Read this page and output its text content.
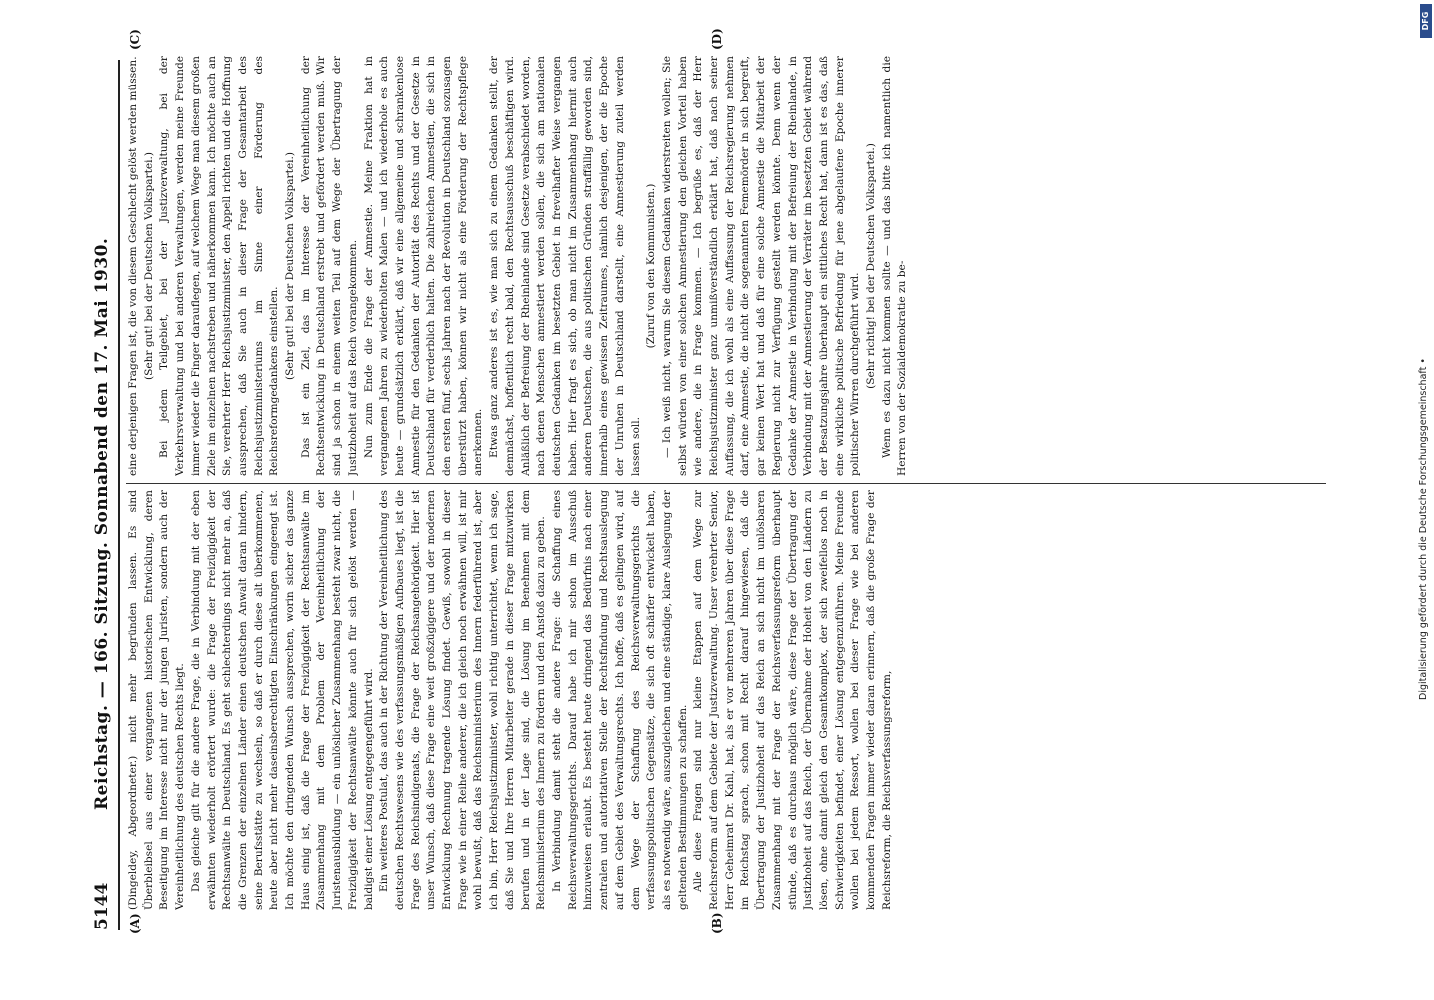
5144
Reichstag. — 166. Sitzung. Sonnabend den 17. Mai 1930.
(A)	(B)
(C)	(D)

(Dingeldey, Abgeordneter.) nicht mehr begründen lassen. Es sind Überbleibsel aus einer vergangenen historischen Entwicklung, deren Beseitigung im Interesse nicht nur der jungen Juristen, sondern auch der Vereinheitlichung des deutschen Rechts liegt. Das gleiche gilt für die andere Frage, die in Verbindung mit der eben erwähnten wiederholt erörtert wurde: die Frage der Freizügigkeit der Rechtsanwälte in Deutschland. Es geht schlechterdings nicht mehr an, daß die Grenzen der einzelnen Länder einen deutschen Anwalt daran hindern, seine Berufsstätte zu wechseln, so daß er durch diese alt überkommenen, heute aber nicht mehr daseinsberechtigten Einschränkungen eingeengt ist. Ich möchte den dringenden Wunsch aussprechen, worin sicher das ganze Haus einig ist, daß die Frage der Freizügigkeit der Rechtsanwälte im Zusammenhang mit dem Problem der Vereinheitlichung der Juristenausbildung — ein unlöslicher Zusammenhang besteht zwar nicht, die Freizügigkeit der Rechtsanwälte könnte auch für sich gelöst werden — baldigst einer Lösung entgegengeführt wird. Ein weiteres Postulat, das auch in der Richtung der Vereinheitlichung des deutschen Rechtswesens wie des verfassungsmäßigen Aufbaues liegt, ist die Frage des Reichsindigenats, die Frage der Reichsangehörigkeit. Hier ist unser Wunsch, daß diese Frage eine weit großzügigere und der modernen Entwicklung Rechnung tragende Lösung findet. Gewiß, sowohl in dieser Frage wie in einer Reihe anderer, die ich gleich noch erwähnen will, ist mir wohl bewußt, daß das Reichsministerium des Innern federführend ist, aber ich bin, Herr Reichsjustizminister, wohl richtig unterrichtet, wenn ich sage, daß Sie und Ihre Herren Mitarbeiter gerade in dieser Frage mitzuwirken berufen und in der Lage sind, die Lösung im Benehmen mit dem Reichsministerium des Innern zu fördern und den Anstoß dazu zu geben. In Verbindung damit steht die andere Frage: die Schaffung eines Reichsverwaltungsgerichts. Darauf habe ich mir schon im Ausschuß hinzuweisen erlaubt. Es besteht heute dringend das Bedürfnis nach einer zentralen und autoritativen Stelle der Rechtsfindung und Rechtsauslegung auf dem Gebiet des Verwaltungsrechts. Ich hoffe, daß es gelingen wird, auf dem Wege der Schaffung des Reichsverwaltungsgerichts die verfassungspolitischen Gegensätze, die sich oft schärfer entwickelt haben, als es notwendig wäre, auszugleichen und eine ständige, klare Auslegung der geltenden Bestimmungen zu schaffen. Alle diese Fragen sind nur kleine Etappen auf dem Wege zur Reichsreform auf dem Gebiete der Justizverwaltung. Unser verehrter Senior, Herr Geheimrat Dr. Kahl, hat, als er vor mehreren Jahren über diese Frage im Reichstag sprach, schon mit Recht darauf hingewiesen, daß die Übertragung der Justizhoheit auf das Reich an sich nicht im unlösbaren Zusammenhang mit der Frage der Reichsverfassungsreform überhaupt stünde, daß es durchaus möglich wäre, diese Frage der Übertragung der Justizhoheit auf das Reich, der Übernahme der Hoheit von den Ländern zu lösen, ohne damit gleich den Gesamtkomplex, der sich zweifellos noch in Schwierigkeiten befindet, einer Lösung entgegenzuführen. Meine Freunde wollen bei jedem Ressort, wollen bei dieser Frage wie bei anderen kommenden Fragen immer wieder daran erinnern, daß die große Frage der Reichsreform, die Reichsverfassungsreform,

eine derjenigen Fragen ist, die von diesem Geschlecht gelöst werden müssen. (Sehr gut! bei der Deutschen Volkspartei.) Bei jedem Teilgebiet, bei der Justizverwaltung, bei der Verkehrsverwaltung und bei anderen Verwaltungen, werden meine Freunde immer wieder die Finger darauflegen, auf welchem Wege man diesem großen Ziele im einzelnen nachstreben und näherkommen kann. Ich möchte auch an Sie, verehrter Herr Reichsjustizminister, den Appell richten und die Hoffnung aussprechen, daß Sie auch in dieser Frage der Gesamtarbeit des Reichsjustizministeriums im Sinne einer Förderung des Reichsreformgedankens einstellen.

(Sehr gut! bei der Deutschen Volkspartei.) Das ist ein Ziel, das im Interesse der Vereinheitlichung der Rechtsentwicklung in Deutschland erstrebt und gefördert werden muß. Wir sind ja schon in einem weiten Teil auf dem Wege der Übertragung der Justizhoheit auf das Reich vorangekommen. Nun zum Ende die Frage der Amnestie. Meine Fraktion hat in vergangenen Jahren zu wiederholten Malen — und ich wiederhole es auch heute — grundsätzlich erklärt, daß wir eine allgemeine und schrankenlose Amnestie für den Gedanken der Autorität des Rechts und der Gesetze in Deutschland für verderblich halten. Die zahlreichen Amnestien, die sich in den ersten fünf, sechs Jahren nach der Revolution in Deutschland sozusagen überstürzt haben, können wir nicht als eine Förderung der Rechtspflege anerkennen. Etwas ganz anderes ist es, wie man sich zu einem Gedanken stellt, der demnächst, hoffentlich recht bald, den Rechtsausschuß beschäftigen wird. Anläßlich der Befreiung der Rheinlande sind Gesetze verabschiedet worden, nach denen Menschen amnestiert werden sollen, die sich am nationalen deutschen Gedanken im besetzten Gebiet in frevelhafter Weise vergangen haben. Hier fragt es sich, ob man nicht im Zusammenhang hiermit auch anderen Deutschen, die aus politischen Gründen straffällig geworden sind, innerhalb eines gewissen Zeitraumes, nämlich desjenigen, der die Epoche der Unruhen in Deutschland darstellt, eine Amnestierung zuteil werden lassen soll.

(Zuruf von den Kommunisten.) — Ich weiß nicht, warum Sie diesem Gedanken widerstreiten wollen; Sie selbst würden von einer solchen Amnestierung den gleichen Vorteil haben wie andere, die in Frage kommen. — Ich begrüße es, daß der Herr Reichsjustizminister ganz unmißverständlich erklärt hat, daß nach seiner Auffassung, die ich wohl als eine Auffassung der Reichsregierung nehmen darf, eine Amnestie, die nicht die sogenannten Fememörder in sich begreift, gar keinen Wert hat und daß für eine solche Amnestie die Mitarbeit der Regierung nicht zur Verfügung gestellt werden könnte. Denn wenn der Gedanke der Amnestie in Verbindung mit der Befreiung der Rheinlande, in Verbindung mit der Amnestierung der Verräter im besetzten Gebiet während der Besatzungsjahre überhaupt ein sittliches Recht hat, dann ist es das, daß eine wirkliche politische Befriedung für jene abgelaufene Epoche innerer politischer Wirren durchgeführt wird. (Sehr richtig! bei der Deutschen Volkspartei.) Wenn es dazu nicht kommen sollte — und das bitte ich namentlich die Herren von der Sozialdemokratie zu be-

DFG
Digitalisierung gefördert durch die Deutsche Forschungsgemeinschaft •
